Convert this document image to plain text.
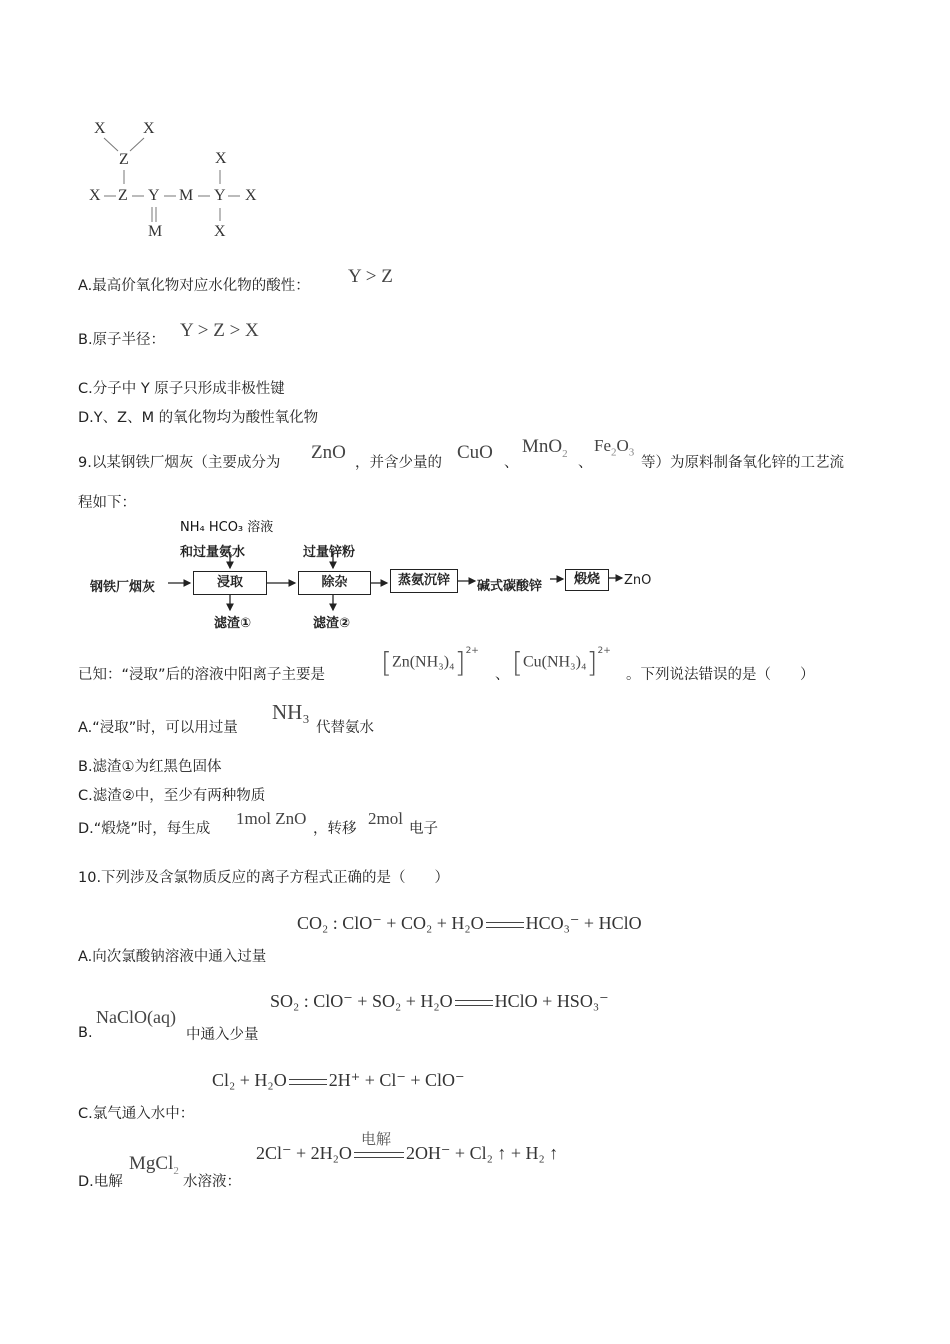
X X
Z	X
X Z Y M Y X
M	X
A.最高价氧化物对应水化物的酸性： Y > Z
B.原子半径： Y > Z > X
C.分子中 Y 原子只形成非极性键
D.Y、Z、M 的氧化物均为酸性氧化物
9.以某钢铁厂烟灰（主要成分为 ZnO ，并含少量的 CuO 、
MnO$_2$
、
$Fe_2O_3$
等）为原料制备氧化锌的工艺流
程如下：
NH₄ HCO₃ 溶液
和过量氨水	过量锌粉
钢铁厂烟灰	浸取	除杂	蒸氨沉锌	碱式碳酸锌	煅烧	ZnO
滤渣①	滤渣②
已知：“浸取”后的溶液中阳离子主要是 $[Zn(NH_3)_4]^{2+}$
、 $[Cu(NH_3)_4]^{2+}$
。下列说法错误的是（　　）
A.“浸取”时，可以用过量
NH₃
代替氨水
B.滤渣①为红黑色固体
C.滤渣②中，至少有两种物质
D.“煅烧”时，每生成
1mol ZnO
，转移
2mol
电子
10.下列涉及含氯物质反应的离子方程式正确的是（　　）
CO₂ : ClO⁻ + CO₂ + H₂O HCO₃⁻ + HClO
A.向次氯酸钠溶液中通入过量
SO₂ : ClO⁻ + SO₂ + H₂O HClO + HSO₃⁻
B.
NaClO(aq)
中通入少量
Cl₂ + H₂O 2H⁺ + Cl⁻ + ClO⁻
C.氯气通入水中：
电解
2Cl⁻ + 2H₂O	2OH⁻ + Cl₂ ↑ + H₂ ↑
D.电解
MgCl$_2$
水溶液：
